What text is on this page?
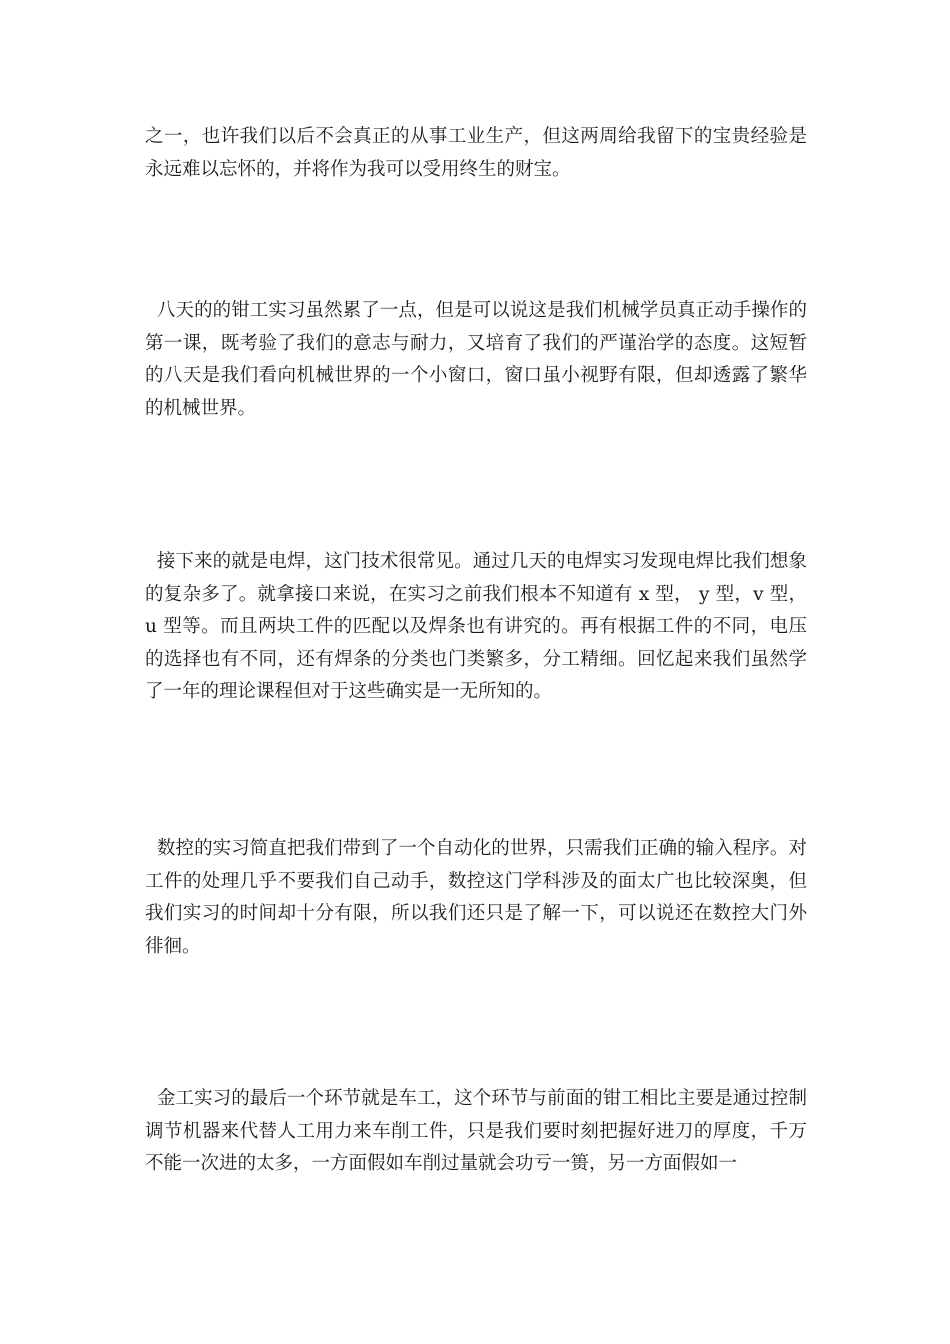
之一，也许我们以后不会真正的从事工业生产，但这两周给我留下的宝贵经验是永远难以忘怀的，并将作为我可以受用终生的财宝。

八天的的钳工实习虽然累了一点，但是可以说这是我们机械学员真正动手操作的第一课，既考验了我们的意志与耐力，又培育了我们的严谨治学的态度。这短暂的八天是我们看向机械世界的一个小窗口，窗口虽小视野有限，但却透露了繁华的机械世界。

接下来的就是电焊，这门技术很常见。通过几天的电焊实习发现电焊比我们想象的复杂多了。就拿接口来说，在实习之前我们根本不知道有 x 型， y 型，v 型， u 型等。而且两块工件的匹配以及焊条也有讲究的。再有根据工件的不同，电压的选择也有不同，还有焊条的分类也门类繁多，分工精细。回忆起来我们虽然学了一年的理论课程但对于这些确实是一无所知的。

数控的实习简直把我们带到了一个自动化的世界，只需我们正确的输入程序。对工件的处理几乎不要我们自己动手，数控这门学科涉及的面太广也比较深奥，但我们实习的时间却十分有限，所以我们还只是了解一下，可以说还在数控大门外徘徊。

金工实习的最后一个环节就是车工，这个环节与前面的钳工相比主要是通过控制调节机器来代替人工用力来车削工件，只是我们要时刻把握好进刀的厚度，千万不能一次进的太多，一方面假如车削过量就会功亏一篑，另一方面假如一
